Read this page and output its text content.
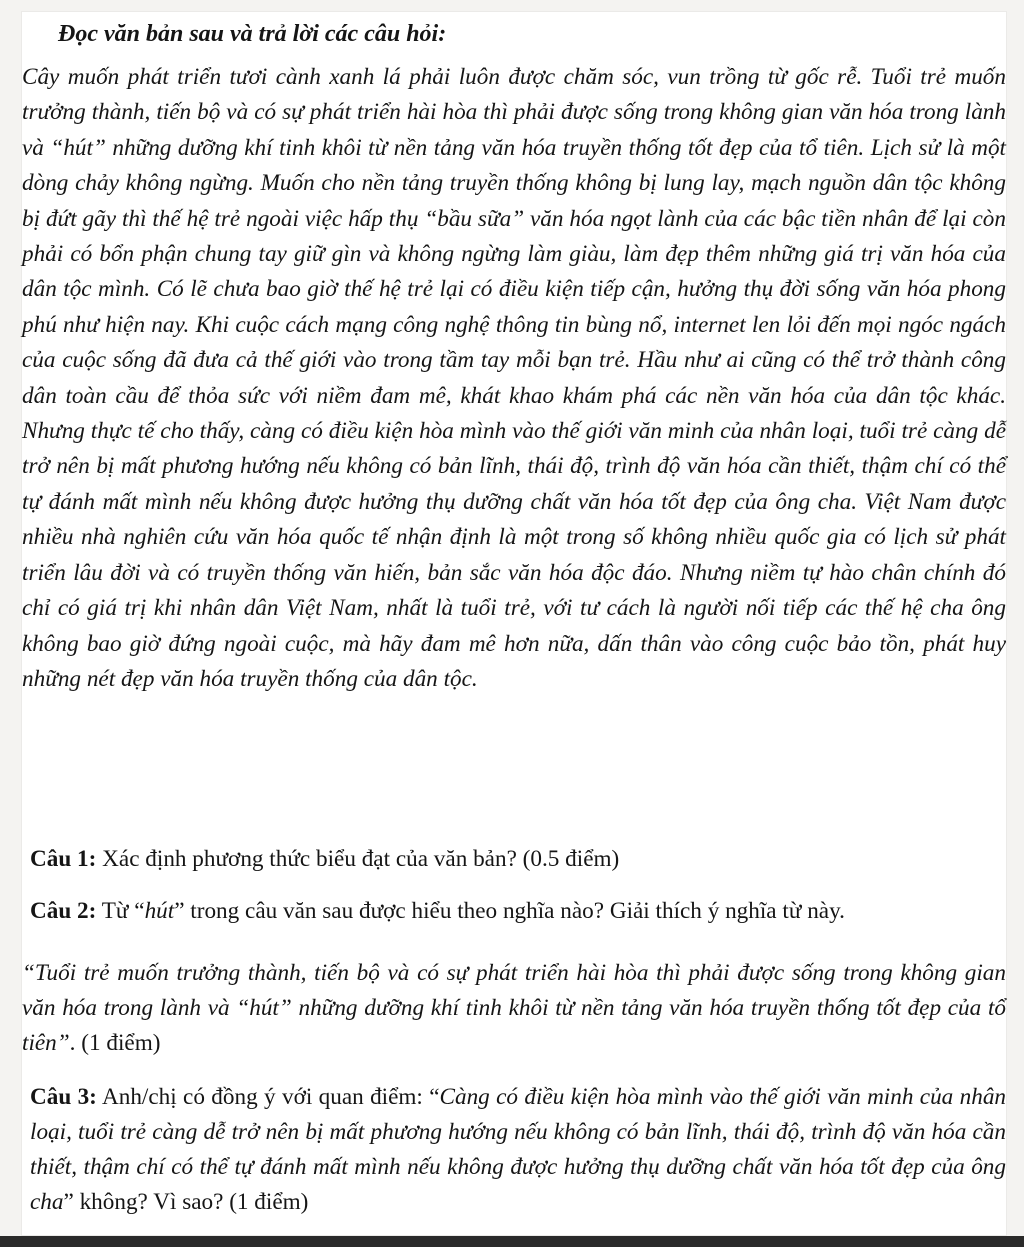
Đọc văn bản sau và trả lời các câu hỏi:

Cây muốn phát triển tươi cành xanh lá phải luôn được chăm sóc, vun trồng từ gốc rễ. Tuổi trẻ muốn trưởng thành, tiến bộ và có sự phát triển hài hòa thì phải được sống trong không gian văn hóa trong lành và “hút” những dưỡng khí tinh khôi từ nền tảng văn hóa truyền thống tốt đẹp của tổ tiên. Lịch sử là một dòng chảy không ngừng. Muốn cho nền tảng truyền thống không bị lung lay, mạch nguồn dân tộc không bị đứt gãy thì thế hệ trẻ ngoài việc hấp thụ “bầu sữa” văn hóa ngọt lành của các bậc tiền nhân để lại còn phải có bổn phận chung tay giữ gìn và không ngừng làm giàu, làm đẹp thêm những giá trị văn hóa của dân tộc mình. Có lẽ chưa bao giờ thế hệ trẻ lại có điều kiện tiếp cận, hưởng thụ đời sống văn hóa phong phú như hiện nay. Khi cuộc cách mạng công nghệ thông tin bùng nổ, internet len lỏi đến mọi ngóc ngách của cuộc sống đã đưa cả thế giới vào trong tầm tay mỗi bạn trẻ. Hầu như ai cũng có thể trở thành công dân toàn cầu để thỏa sức với niềm đam mê, khát khao khám phá các nền văn hóa của dân tộc khác. Nhưng thực tế cho thấy, càng có điều kiện hòa mình vào thế giới văn minh của nhân loại, tuổi trẻ càng dễ trở nên bị mất phương hướng nếu không có bản lĩnh, thái độ, trình độ văn hóa cần thiết, thậm chí có thể tự đánh mất mình nếu không được hưởng thụ dưỡng chất văn hóa tốt đẹp của ông cha. Việt Nam được nhiều nhà nghiên cứu văn hóa quốc tế nhận định là một trong số không nhiều quốc gia có lịch sử phát triển lâu đời và có truyền thống văn hiến, bản sắc văn hóa độc đáo. Nhưng niềm tự hào chân chính đó chỉ có giá trị khi nhân dân Việt Nam, nhất là tuổi trẻ, với tư cách là người nối tiếp các thế hệ cha ông không bao giờ đứng ngoài cuộc, mà hãy đam mê hơn nữa, dấn thân vào công cuộc bảo tồn, phát huy những nét đẹp văn hóa truyền thống của dân tộc.

Câu 1: Xác định phương thức biểu đạt của văn bản? (0.5 điểm)

Câu 2: Từ “hút” trong câu văn sau được hiểu theo nghĩa nào? Giải thích ý nghĩa từ này.

“Tuổi trẻ muốn trưởng thành, tiến bộ và có sự phát triển hài hòa thì phải được sống trong không gian văn hóa trong lành và “hút” những dưỡng khí tinh khôi từ nền tảng văn hóa truyền thống tốt đẹp của tổ tiên”. (1 điểm)

Câu 3: Anh/chị có đồng ý với quan điểm: “Càng có điều kiện hòa mình vào thế giới văn minh của nhân loại, tuổi trẻ càng dễ trở nên bị mất phương hướng nếu không có bản lĩnh, thái độ, trình độ văn hóa cần thiết, thậm chí có thể tự đánh mất mình nếu không được hưởng thụ dưỡng chất văn hóa tốt đẹp của ông cha” không? Vì sao? (1 điểm)
